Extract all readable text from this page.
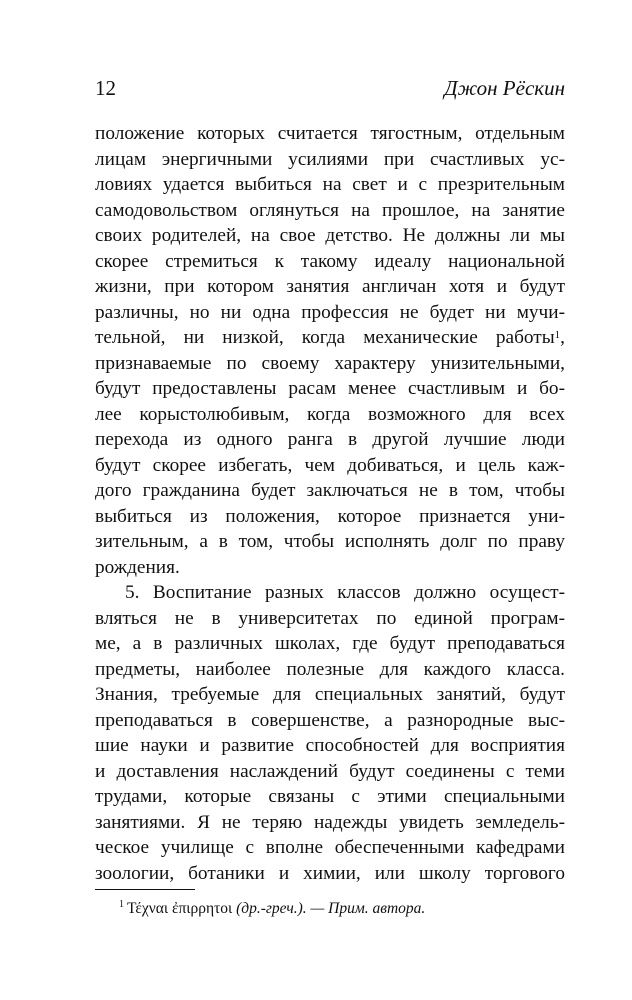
12	Джон Рёскин
положение которых считается тягостным, отдельным
лицам энергичными усилиями при счастливых ус-
ловиях удается выбиться на свет и с презрительным
самодовольством оглянуться на прошлое, на занятие
своих родителей, на свое детство. Не должны ли мы
скорее стремиться к такому идеалу национальной
жизни, при котором занятия англичан хотя и будут
различны, но ни одна профессия не будет ни мучи-
тельной, ни низкой, когда механические работы$^1$,
признаваемые по своему характеру унизительными,
будут предоставлены расам менее счастливым и бо-
лее корыстолюбивым, когда возможного для всех
перехода из одного ранга в другой лучшие люди
будут скорее избегать, чем добиваться, и цель каж-
дого гражданина будет заключаться не в том, чтобы
выбиться из положения, которое признается уни-
зительным, а в том, чтобы исполнять долг по праву
рождения.
5. Воспитание разных классов должно осущест-
вляться не в университетах по единой програм-
ме, а в различных школах, где будут преподаваться
предметы, наиболее полезные для каждого класса.
Знания, требуемые для специальных занятий, будут
преподаваться в совершенстве, а разнородные выс-
шие науки и развитие способностей для восприятия
и доставления наслаждений будут соединены с теми
трудами, которые связаны с этими специальными
занятиями. Я не теряю надежды увидеть земледель-
ческое училище с вполне обеспеченными кафедрами
зоологии, ботаники и химии, или школу торгового
$^1$ Τέχναι ἐπιρρητοι (др.-греч.). — Прим. автора.
